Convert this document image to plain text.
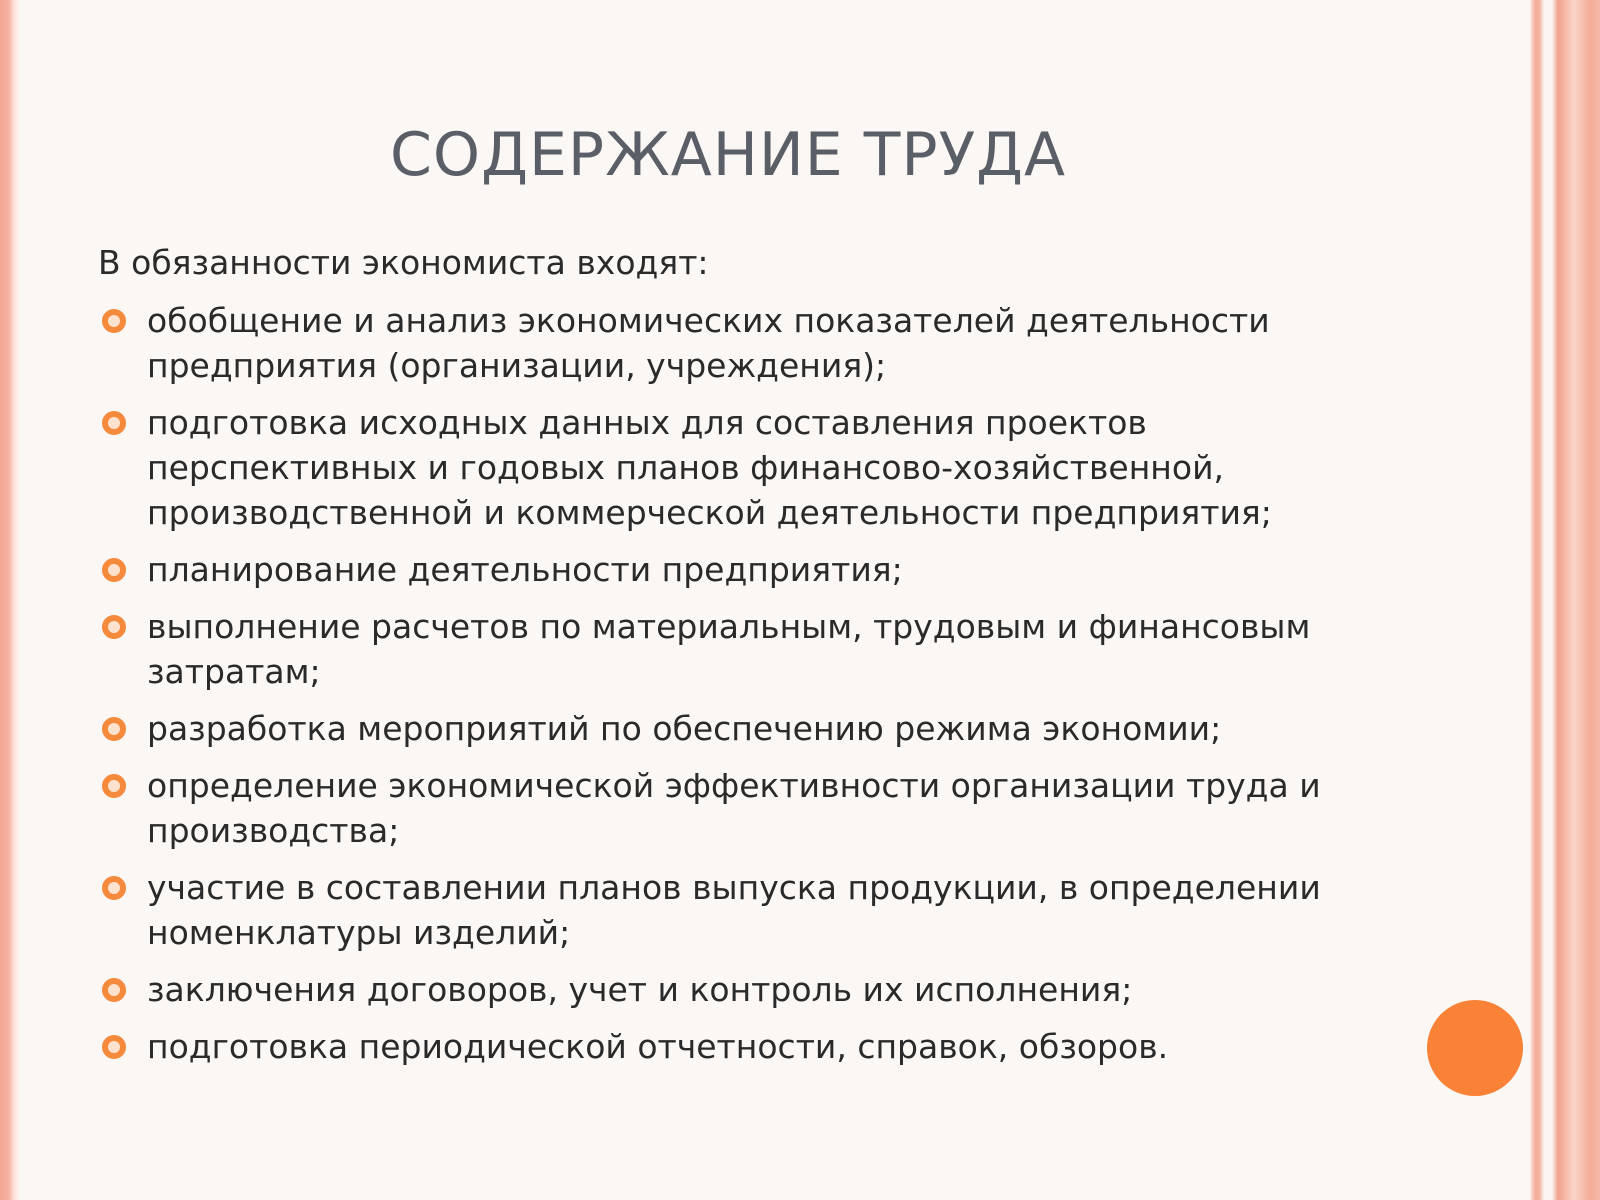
СОДЕРЖАНИЕ ТРУДА

В обязанности экономиста входят:

обобщение и анализ экономических показателей деятельности предприятия (организации, учреждения);
подготовка исходных данных для составления проектов перспективных и годовых планов финансово-хозяйственной, производственной и коммерческой деятельности предприятия;
планирование деятельности предприятия;
выполнение расчетов по материальным, трудовым и финансовым затратам;
разработка мероприятий по обеспечению режима экономии;
определение экономической эффективности организации труда и производства;
участие в составлении планов выпуска продукции, в определении номенклатуры изделий;
заключения договоров, учет и контроль их исполнения;
подготовка периодической отчетности, справок, обзоров.
